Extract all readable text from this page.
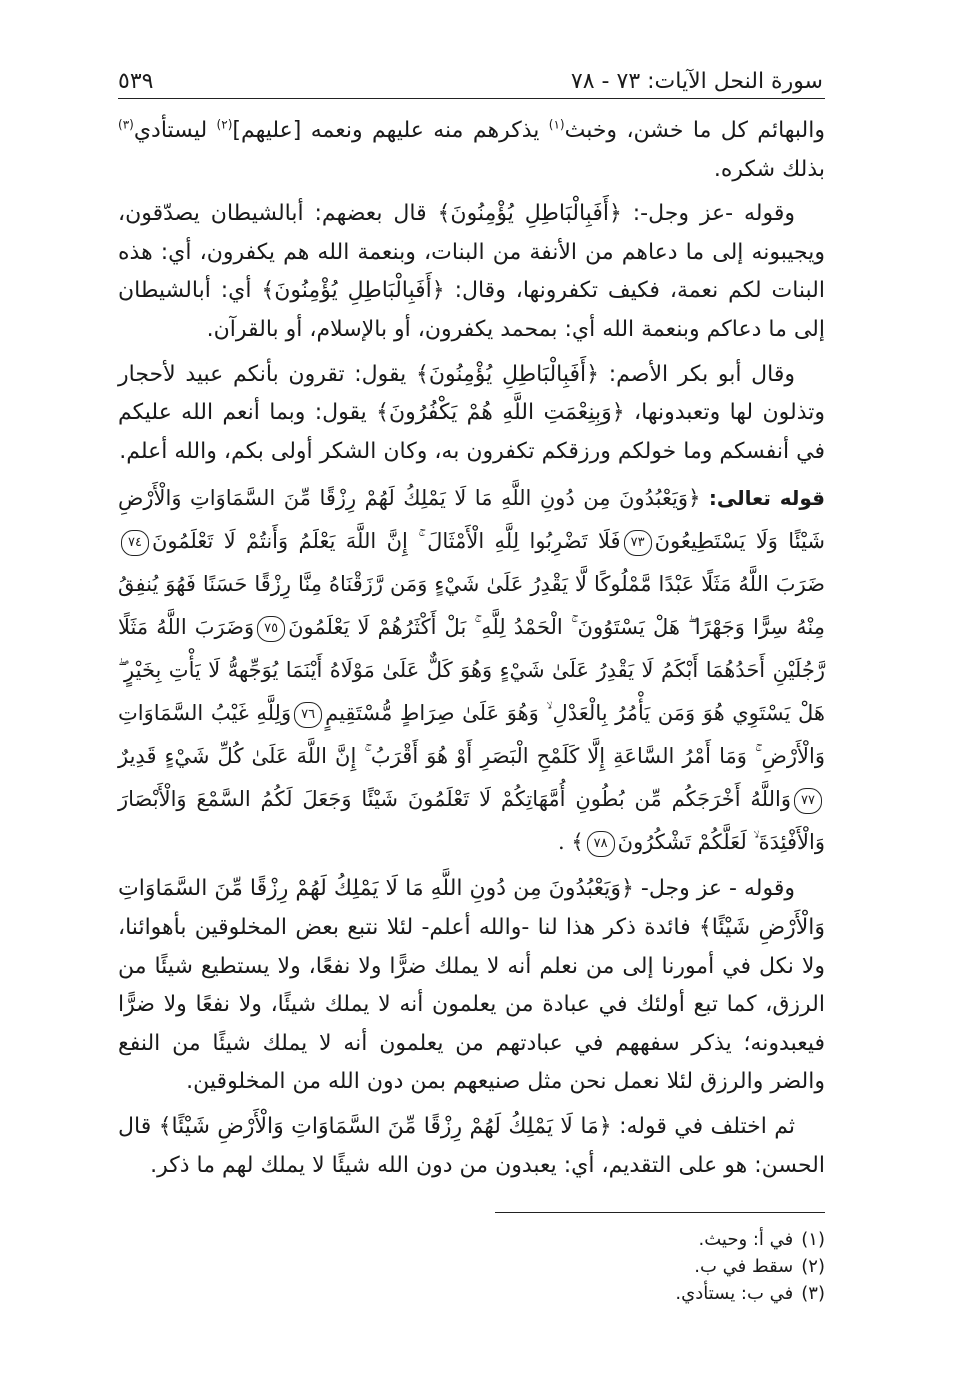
سورة النحل الآيات: ٧٣ - ٧٨
٥٣٩

والبهائم كل ما خشن، وخبث$^{(١)}$ يذكرهم منه عليهم ونعمه [عليهم]$^{(٢)}$ ليستأدي$^{(٣)}$ بذلك شكره.

وقوله -عز وجل-: ﴿أَفَبِالْبَاطِلِ يُؤْمِنُونَ﴾ قال بعضهم: أبالشيطان يصدّقون، ويجيبونه إلى ما دعاهم من الأنفة من البنات، وبنعمة الله هم يكفرون، أي: هذه البنات لكم نعمة، فكيف تكفرونها، وقال: ﴿أَفَبِالْبَاطِلِ يُؤْمِنُونَ﴾ أي: أبالشيطان إلى ما دعاكم وبنعمة الله أي: بمحمد يكفرون، أو بالإسلام، أو بالقرآن.

وقال أبو بكر الأصم: ﴿أَفَبِالْبَاطِلِ يُؤْمِنُونَ﴾ يقول: تقرون بأنكم عبيد لأحجار وتذلون لها وتعبدونها، ﴿وَبِنِعْمَتِ اللَّهِ هُمْ يَكْفُرُونَ﴾ يقول: وبما أنعم الله عليكم في أنفسكم وما خولكم ورزقكم تكفرون به، وكان الشكر أولى بكم، والله أعلم.

قوله تعالى: ﴿وَيَعْبُدُونَ مِن دُونِ اللَّهِ مَا لَا يَمْلِكُ لَهُمْ رِزْقًا مِّنَ السَّمَاوَاتِ وَالْأَرْضِ شَيْئًا وَلَا يَسْتَطِيعُونَ٧٣فَلَا تَضْرِبُوا لِلَّهِ الْأَمْثَالَ ۚ إِنَّ اللَّهَ يَعْلَمُ وَأَنتُمْ لَا تَعْلَمُونَ٧٤ضَرَبَ اللَّهُ مَثَلًا عَبْدًا مَّمْلُوكًا لَّا يَقْدِرُ عَلَىٰ شَيْءٍ وَمَن رَّزَقْنَاهُ مِنَّا رِزْقًا حَسَنًا فَهُوَ يُنفِقُ مِنْهُ سِرًّا وَجَهْرًا ۖ هَلْ يَسْتَوُونَ ۚ الْحَمْدُ لِلَّهِ ۚ بَلْ أَكْثَرُهُمْ لَا يَعْلَمُونَ٧٥وَضَرَبَ اللَّهُ مَثَلًا رَّجُلَيْنِ أَحَدُهُمَا أَبْكَمُ لَا يَقْدِرُ عَلَىٰ شَيْءٍ وَهُوَ كَلٌّ عَلَىٰ مَوْلَاهُ أَيْنَمَا يُوَجِّههُّ لَا يَأْتِ بِخَيْرٍ ۖ هَلْ يَسْتَوِي هُوَ وَمَن يَأْمُرُ بِالْعَدْلِ ۙ وَهُوَ عَلَىٰ صِرَاطٍ مُّسْتَقِيمٍ٧٦وَلِلَّهِ غَيْبُ السَّمَاوَاتِ وَالْأَرْضِ ۚ وَمَا أَمْرُ السَّاعَةِ إِلَّا كَلَمْحِ الْبَصَرِ أَوْ هُوَ أَقْرَبُ ۚ إِنَّ اللَّهَ عَلَىٰ كُلِّ شَيْءٍ قَدِيرٌ٧٧وَاللَّهُ أَخْرَجَكُم مِّن بُطُونِ أُمَّهَاتِكُمْ لَا تَعْلَمُونَ شَيْئًا وَجَعَلَ لَكُمُ السَّمْعَ وَالْأَبْصَارَ وَالْأَفْئِدَةَ ۙ لَعَلَّكُمْ تَشْكُرُونَ٧٨﴾ .

وقوله - عز وجل- ﴿وَيَعْبُدُونَ مِن دُونِ اللَّهِ مَا لَا يَمْلِكُ لَهُمْ رِزْقًا مِّنَ السَّمَاوَاتِ وَالْأَرْضِ شَيْئًا﴾ فائدة ذكر هذا لنا -والله أعلم- لئلا نتبع بعض المخلوقين بأهوائنا، ولا نكل في أمورنا إلى من نعلم أنه لا يملك ضرًّا ولا نفعًا، ولا يستطيع شيئًا من الرزق، كما تبع أولئك في عبادة من يعلمون أنه لا يملك شيئًا، ولا نفعًا ولا ضرًّا فيعبدونه؛ يذكر سفههم في عبادتهم من يعلمون أنه لا يملك شيئًا من النفع والضر والرزق لئلا نعمل نحن مثل صنيعهم بمن دون الله من المخلوقين.

ثم اختلف في قوله: ﴿مَا لَا يَمْلِكُ لَهُمْ رِزْقًا مِّنَ السَّمَاوَاتِ وَالْأَرْضِ شَيْئًا﴾ قال الحسن: هو على التقديم، أي: يعبدون من دون الله شيئًا لا يملك لهم ما ذكر.

(١)
في أ: وحيث.
(٢)
سقط في ب.
(٣)
في ب: يستأدي.
